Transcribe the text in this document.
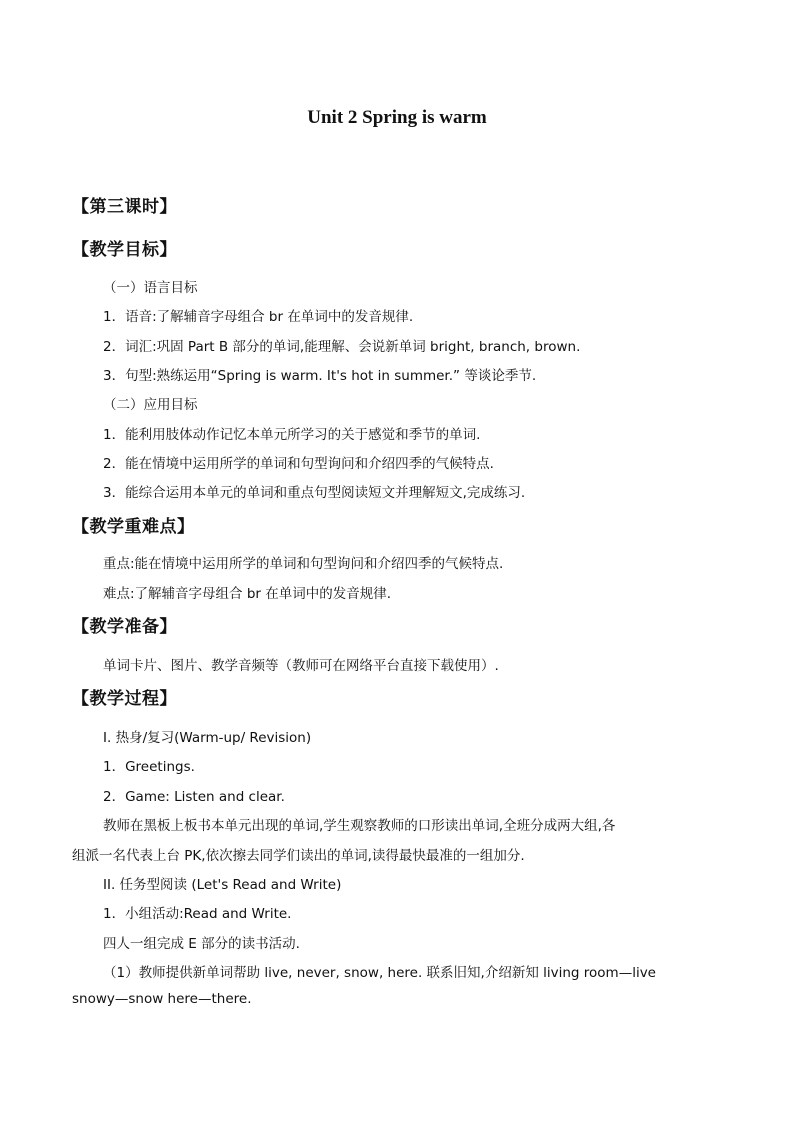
Unit 2 Spring is warm
【第三课时】
【教学目标】
（一）语言目标
1．语音:了解辅音字母组合 br 在单词中的发音规律.
2．词汇:巩固 Part B 部分的单词,能理解、会说新单词 bright, branch, brown.
3．句型:熟练运用“Spring is warm. It's hot in summer.” 等谈论季节.
（二）应用目标
1．能利用肢体动作记忆本单元所学习的关于感觉和季节的单词.
2．能在情境中运用所学的单词和句型询问和介绍四季的气候特点.
3．能综合运用本单元的单词和重点句型阅读短文并理解短文,完成练习.
【教学重难点】
重点:能在情境中运用所学的单词和句型询问和介绍四季的气候特点.
难点:了解辅音字母组合 br 在单词中的发音规律.
【教学准备】
单词卡片、图片、教学音频等（教师可在网络平台直接下载使用）.
【教学过程】
I. 热身/复习(Warm-up/ Revision)
1．Greetings.
2．Game: Listen and clear.
教师在黑板上板书本单元出现的单词,学生观察教师的口形读出单词,全班分成两大组,各
组派一名代表上台 PK,依次擦去同学们读出的单词,读得最快最准的一组加分.
II. 任务型阅读 (Let's Read and Write)
1．小组活动:Read and Write.
四人一组完成 E 部分的读书活动.
（1）教师提供新单词帮助 live, never, snow, here. 联系旧知,介绍新知 living room—live
snowy—snow here—there.
